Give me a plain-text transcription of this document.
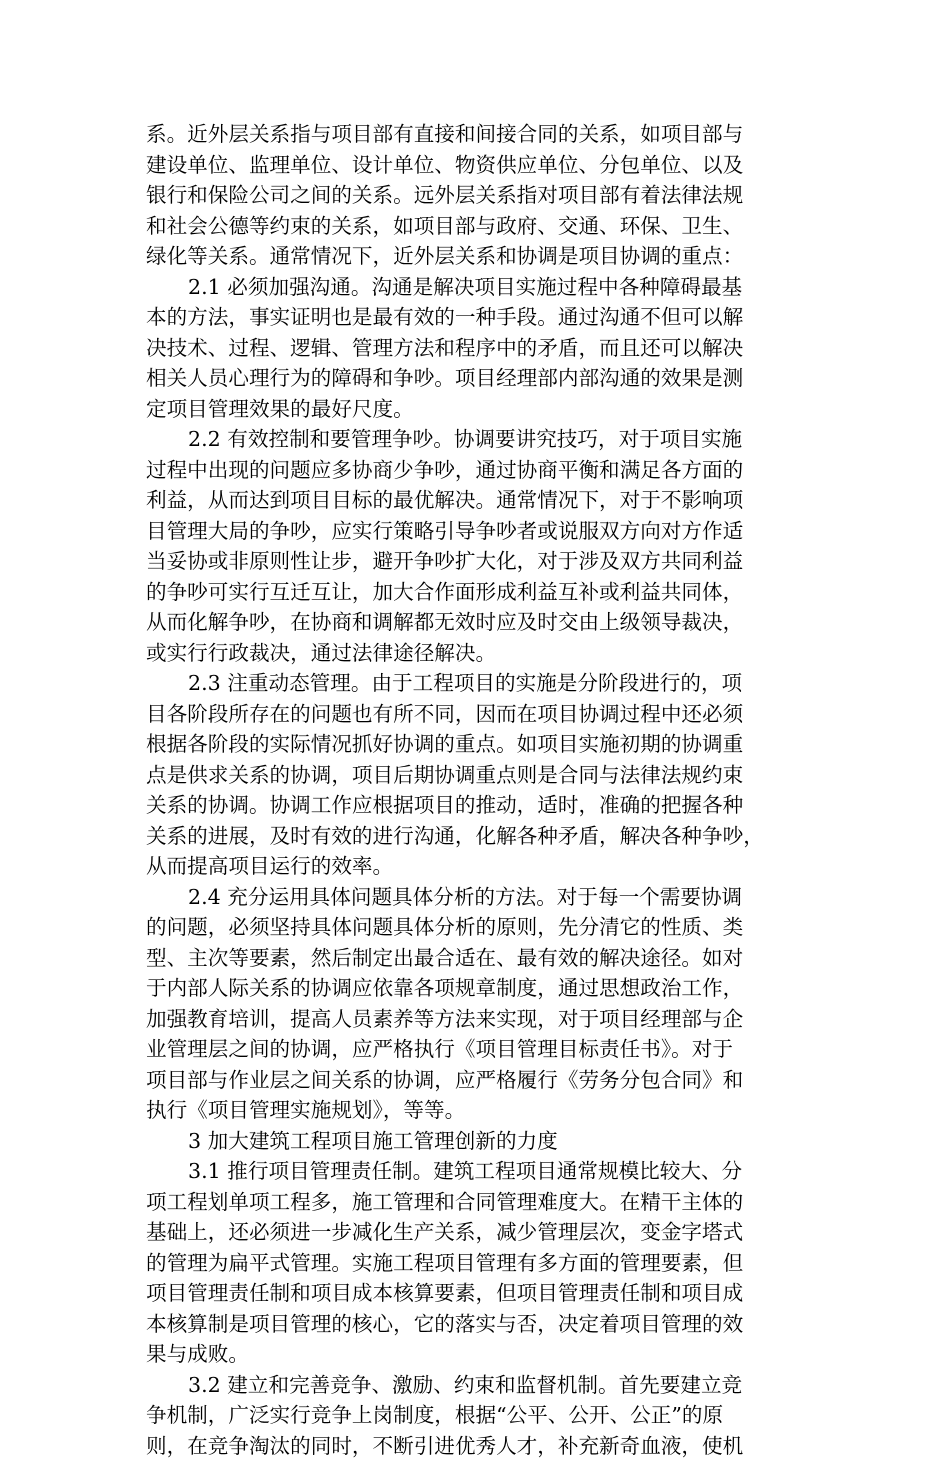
系。近外层关系指与项目部有直接和间接合同的关系，如项目部与
建设单位、监理单位、设计单位、物资供应单位、分包单位、以及
银行和保险公司之间的关系。远外层关系指对项目部有着法律法规
和社会公德等约束的关系，如项目部与政府、交通、环保、卫生、
绿化等关系。通常情况下，近外层关系和协调是项目协调的重点：
2.1 必须加强沟通。沟通是解决项目实施过程中各种障碍最基
本的方法，事实证明也是最有效的一种手段。通过沟通不但可以解
决技术、过程、逻辑、管理方法和程序中的矛盾，而且还可以解决
相关人员心理行为的障碍和争吵。项目经理部内部沟通的效果是测
定项目管理效果的最好尺度。
2.2 有效控制和要管理争吵。协调要讲究技巧，对于项目实施
过程中出现的问题应多协商少争吵，通过协商平衡和满足各方面的
利益，从而达到项目目标的最优解决。通常情况下，对于不影响项
目管理大局的争吵，应实行策略引导争吵者或说服双方向对方作适
当妥协或非原则性让步，避开争吵扩大化，对于涉及双方共同利益
的争吵可实行互迁互让，加大合作面形成利益互补或利益共同体，
从而化解争吵，在协商和调解都无效时应及时交由上级领导裁决，
或实行行政裁决，通过法律途径解决。
2.3 注重动态管理。由于工程项目的实施是分阶段进行的，项
目各阶段所存在的问题也有所不同，因而在项目协调过程中还必须
根据各阶段的实际情况抓好协调的重点。如项目实施初期的协调重
点是供求关系的协调，项目后期协调重点则是合同与法律法规约束
关系的协调。协调工作应根据项目的推动，适时，准确的把握各种
关系的进展，及时有效的进行沟通，化解各种矛盾，解决各种争吵，
从而提高项目运行的效率。
2.4 充分运用具体问题具体分析的方法。对于每一个需要协调
的问题，必须坚持具体问题具体分析的原则，先分清它的性质、类
型、主次等要素，然后制定出最合适在、最有效的解决途径。如对
于内部人际关系的协调应依靠各项规章制度，通过思想政治工作，
加强教育培训，提高人员素养等方法来实现，对于项目经理部与企
业管理层之间的协调，应严格执行《项目管理目标责任书》。对于
项目部与作业层之间关系的协调，应严格履行《劳务分包合同》和
执行《项目管理实施规划》，等等。
3 加大建筑工程项目施工管理创新的力度
3.1 推行项目管理责任制。建筑工程项目通常规模比较大、分
项工程划单项工程多，施工管理和合同管理难度大。在精干主体的
基础上，还必须进一步减化生产关系，减少管理层次，变金字塔式
的管理为扁平式管理。实施工程项目管理有多方面的管理要素，但
项目管理责任制和项目成本核算要素，但项目管理责任制和项目成
本核算制是项目管理的核心，它的落实与否，决定着项目管理的效
果与成败。
3.2 建立和完善竞争、激励、约束和监督机制。首先要建立竞
争机制，广泛实行竞争上岗制度，根据“公平、公开、公正”的原
则，在竞争淘汰的同时，不断引进优秀人才，补充新奇血液，使机
